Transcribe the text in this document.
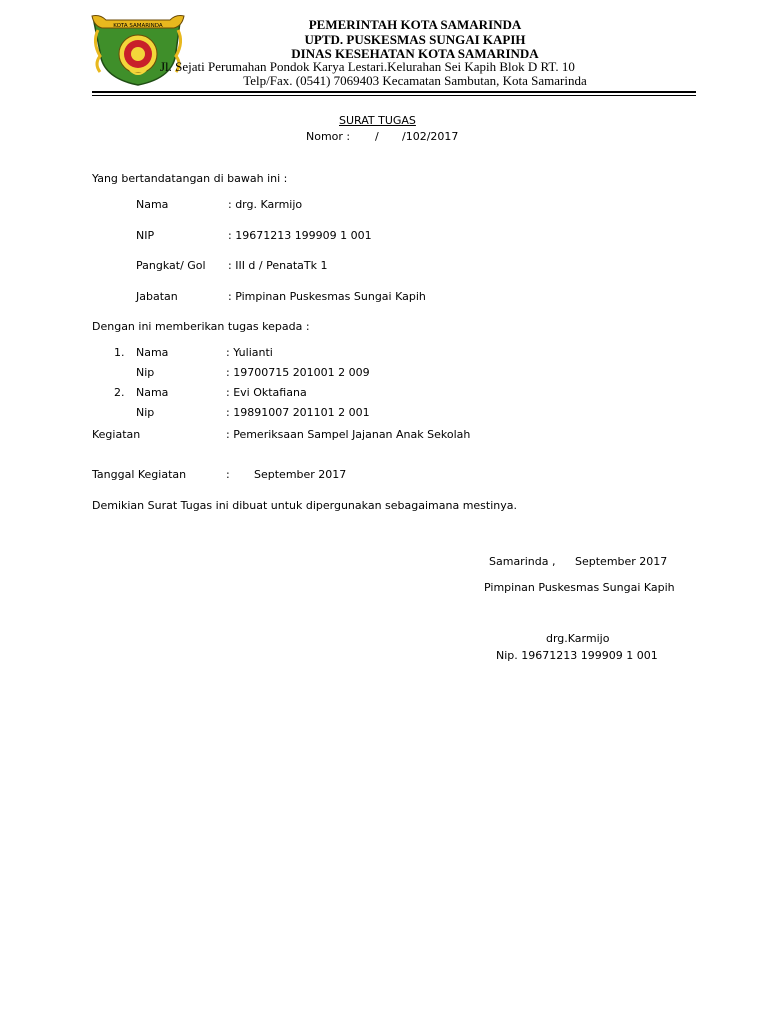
KOTA SAMARINDA	PEMERINTAH KOTA SAMARINDA
UPTD. PUSKESMAS SUNGAI KAPIH
DINAS KESEHATAN KOTA SAMARINDA
Jl. Sejati Perumahan Pondok Karya Lestari.Kelurahan Sei Kapih Blok D RT. 10
Telp/Fax. (0541) 7069403 Kecamatan Sambutan, Kota Samarinda
SURAT TUGAS
Nomor : / /102/2017
Yang bertandatangan di bawah ini :
Nama	: drg. Karmijo
NIP	: 19671213 199909 1 001
Pangkat/ Gol : III d / PenataTk 1
Jabatan	: Pimpinan Puskesmas Sungai Kapih
Dengan ini memberikan tugas kepada :
1. Nama	: Yulianti
Nip	: 19700715 201001 2 009
2. Nama	: Evi Oktafiana
Nip	: 19891007 201101 2 001
Kegiatan	: Pemeriksaan Sampel Jajanan Anak Sekolah
Tanggal Kegiatan	: September 2017
Demikian Surat Tugas ini dibuat untuk dipergunakan sebagaimana mestinya.
Samarinda , September 2017
Pimpinan Puskesmas Sungai Kapih
drg.Karmijo
Nip. 19671213 199909 1 001
